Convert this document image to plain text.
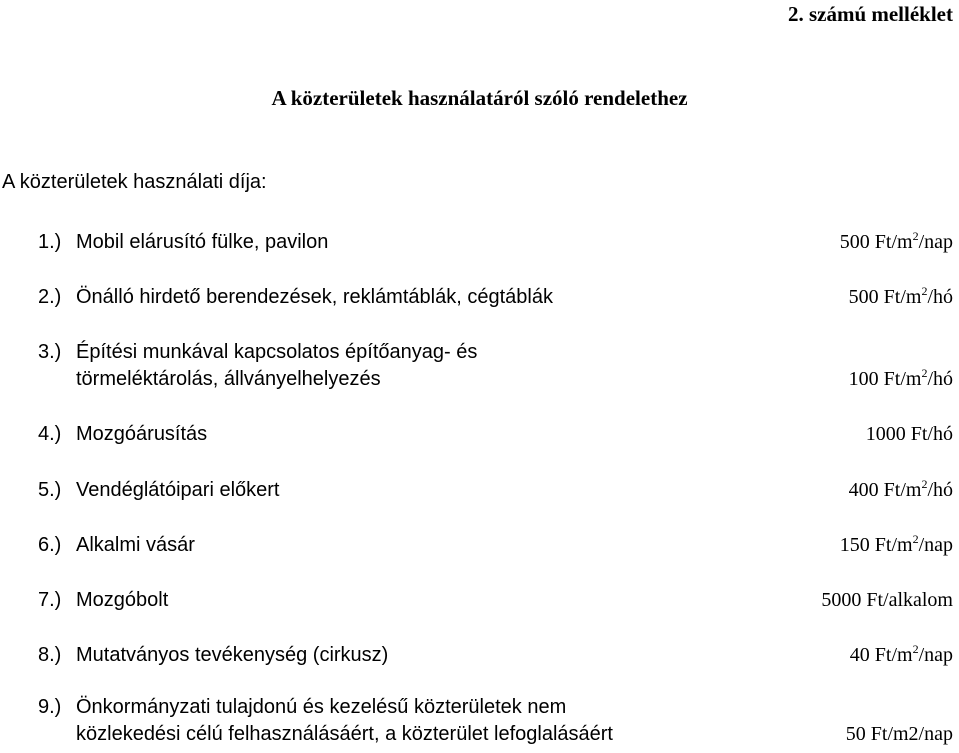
2. számú melléklet
A közterületek használatáról szóló rendelethez
A közterületek használati díja:
1.) Mobil elárusító fülke, pavilon	500 $Ft/m^2$/nap
2.) Önálló hirdető berendezések, reklámtáblák, cégtáblák	500 $Ft/m^2/hó$
3.) Építési munkával kapcsolatos építőanyag- és
törmeléktárolás, állványelhelyezés	100 $Ft/m^2/hó$
4.) Mozgóárusítás	1000 Ft/hó
5.) Vendéglátóipari előkert	400 $Ft/m^2/hó$
6.) Alkalmi vásár	150 $Ft/m^2$/nap
7.) Mozgóbolt	5000 Ft/alkalom
8.) Mutatványos tevékenység (cirkusz)	40 $Ft/m^2$/nap
9.) Önkormányzati tulajdonú és kezelésű közterületek nem
közlekedési célú felhasználásáért, a közterület lefoglalásáért	50 Ft/m2/nap
